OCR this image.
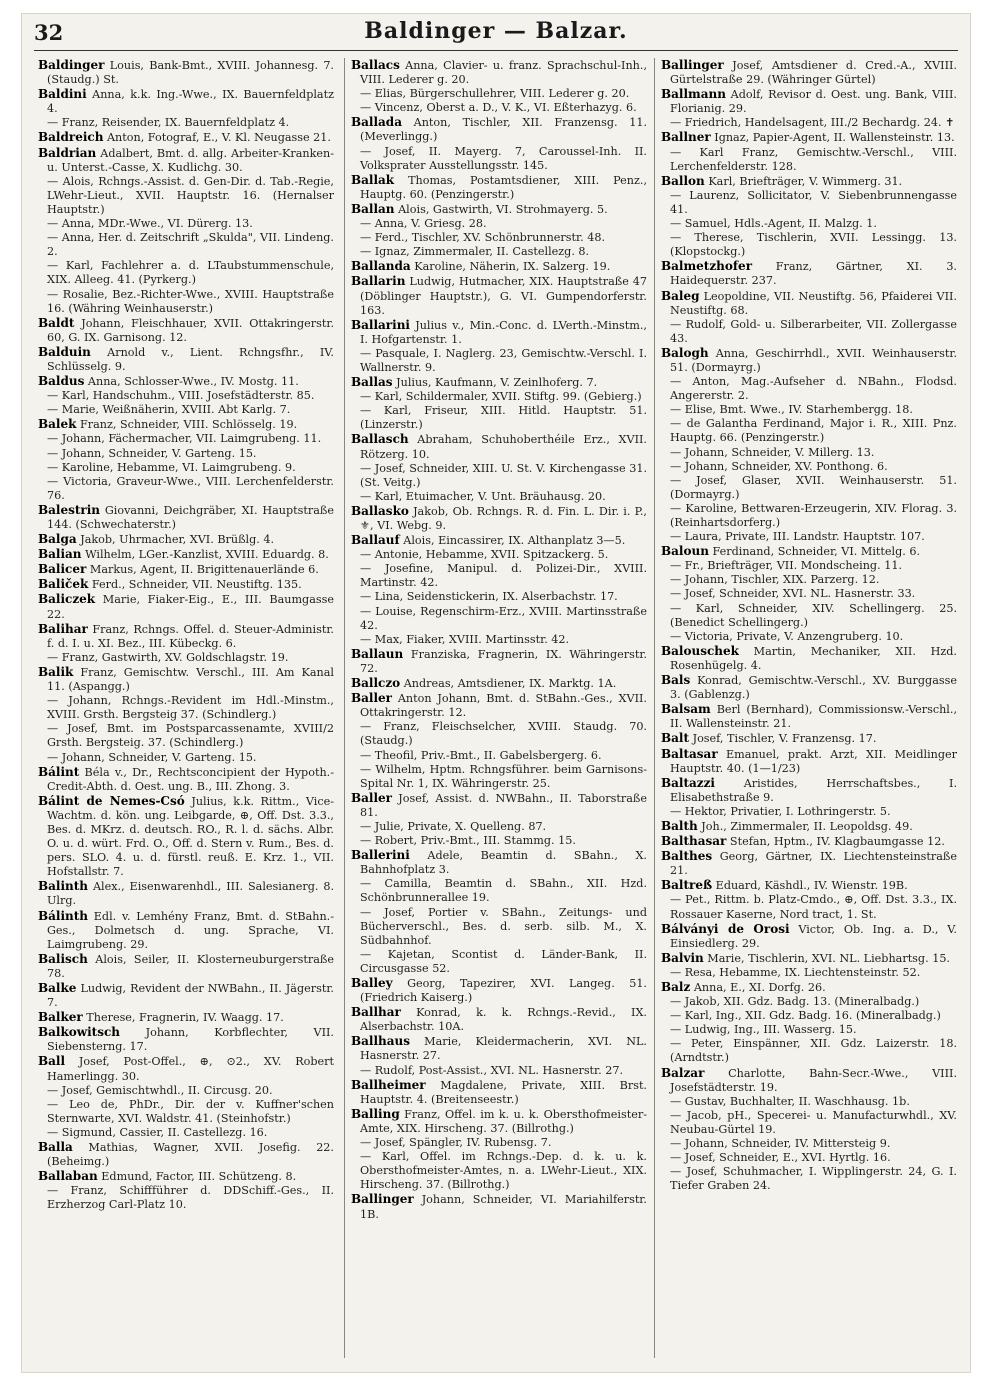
32	Baldinger — Balzar.

Baldinger Louis, Bank-Bmt., XVIII. Johannesg. 7. (Staudg.) St.

Baldini Anna, k.k. Ing.-Wwe., IX. Bauernfeldplatz 4.

— Franz, Reisender, IX. Bauernfeldplatz 4.

Baldreich Anton, Fotograf, E., V. Kl. Neugasse 21.

Baldrian Adalbert, Bmt. d. allg. Arbeiter-Kranken- u. Unterst.-Casse, X. Kudlichg. 30.

— Alois, Rchngs.-Assist. d. Gen-Dir. d. Tab.-Regie, LWehr-Lieut., XVII. Hauptstr. 16. (Hernalser Hauptstr.)

— Anna, MDr.-Wwe., VI. Dürerg. 13.

— Anna, Her. d. Zeitschrift „Skulda", VII. Lindeng. 2.

— Karl, Fachlehrer a. d. LTaubstummenschule, XIX. Alleeg. 41. (Pyrkerg.)

— Rosalie, Bez.-Richter-Wwe., XVIII. Hauptstraße 16. (Währing Weinhauserstr.)

Baldt Johann, Fleischhauer, XVII. Ottakringerstr. 60, G. IX. Garnisong. 12.

Balduin Arnold v., Lient. Rchngsfhr., IV. Schlüsselg. 9.

Baldus Anna, Schlosser-Wwe., IV. Mostg. 11.

— Karl, Handschuhm., VIII. Josefstädterstr. 85.

— Marie, Weißnäherin, XVIII. Abt Karlg. 7.

Balek Franz, Schneider, VIII. Schlösselg. 19.

— Johann, Fächermacher, VII. Laimgrubeng. 11.

— Johann, Schneider, V. Garteng. 15.

— Karoline, Hebamme, VI. Laimgrubeng. 9.

— Victoria, Graveur-Wwe., VIII. Lerchenfelderstr. 76.

Balestrin Giovanni, Deichgräber, XI. Hauptstraße 144. (Schwechaterstr.)

Balga Jakob, Uhrmacher, XVI. Brüßlg. 4.

Balian Wilhelm, LGer.-Kanzlist, XVIII. Eduardg. 8.

Balicer Markus, Agent, II. Brigittenauerlände 6.

Baliček Ferd., Schneider, VII. Neustiftg. 135.

Baliczek Marie, Fiaker-Eig., E., III. Baumgasse 22.

Balihar Franz, Rchngs. Offel. d. Steuer-Administr. f. d. I. u. XI. Bez., III. Kübeckg. 6.

— Franz, Gastwirth, XV. Goldschlagstr. 19.

Balik Franz, Gemischtw. Verschl., III. Am Kanal 11. (Aspangg.)

— Johann, Rchngs.-Revident im Hdl.-Minstm., XVIII. Grsth. Bergsteig 37. (Schindlerg.)

— Josef, Bmt. im Postsparcassenamte, XVIII/2 Grsth. Bergsteig. 37. (Schindlerg.)

— Johann, Schneider, V. Garteng. 15.

Bálint Béla v., Dr., Rechtsconcipient der Hypoth.-Credit-Abth. d. Oest. ung. B., III. Zhong. 3.

Bálint de Nemes-Csó Julius, k.k. Rittm., Vice-Wachtm. d. kön. ung. Leibgarde, ⊕, Off. Dst. 3.3., Bes. d. MKrz. d. deutsch. RO., R. l. d. sächs. Albr. O. u. d. würt. Frd. O., Off. d. Stern v. Rum., Bes. d. pers. SLO. 4. u. d. fürstl. reuß. E. Krz. 1., VII. Hofstallstr. 7.

Balinth Alex., Eisenwarenhdl., III. Salesianerg. 8. Ulrg.

Bálinth Edl. v. Lemhény Franz, Bmt. d. StBahn.-Ges., Dolmetsch d. ung. Sprache, VI. Laimgrubeng. 29.

Balisch Alois, Seiler, II. Klosterneuburgerstraße 78.

Balke Ludwig, Revident der NWBahn., II. Jägerstr. 7.

Balker Therese, Fragnerin, IV. Waagg. 17.

Balkowitsch Johann, Korbflechter, VII. Siebensterng. 17.

Ball Josef, Post-Offel., ⊕, ⊙2., XV. Robert Hamerlingg. 30.

— Josef, Gemischtwhdl., II. Circusg. 20.

— Leo de, PhDr., Dir. der v. Kuffner'schen Sternwarte, XVI. Waldstr. 41. (Steinhofstr.)

— Sigmund, Cassier, II. Castellezg. 16.

Balla Mathias, Wagner, XVII. Josefig. 22. (Beheimg.)

Ballaban Edmund, Factor, III. Schützeng. 8.

— Franz, Schiffführer d. DDSchiff.-Ges., II. Erzherzog Carl-Platz 10.

Ballacs Anna, Clavier- u. franz. Sprachschul-Inh., VIII. Lederer g. 20.

— Elias, Bürgerschullehrer, VIII. Lederer g. 20.

— Vincenz, Oberst a. D., V. K., VI. Eßterhazyg. 6.

Ballada Anton, Tischler, XII. Franzensg. 11. (Meverlingg.)

— Josef, II. Mayerg. 7, Caroussel-Inh. II. Volksprater Ausstellungsstr. 145.

Ballak Thomas, Postamtsdiener, XIII. Penz., Hauptg. 60. (Penzingerstr.)

Ballan Alois, Gastwirth, VI. Strohmayerg. 5.

— Anna, V. Griesg. 28.

— Ferd., Tischler, XV. Schönbrunnerstr. 48.

— Ignaz, Zimmermaler, II. Castellezg. 8.

Ballanda Karoline, Näherin, IX. Salzerg. 19.

Ballarin Ludwig, Hutmacher, XIX. Hauptstraße 47 (Döblinger Hauptstr.), G. VI. Gumpendorferstr. 163.

Ballarini Julius v., Min.-Conc. d. LVerth.-Minstm., I. Hofgartenstr. 1.

— Pasquale, I. Naglerg. 23, Gemischtw.-Verschl. I. Wallnerstr. 9.

Ballas Julius, Kaufmann, V. Zeinlhoferg. 7.

— Karl, Schildermaler, XVII. Stiftg. 99. (Gebierg.)

— Karl, Friseur, XIII. Hitld. Hauptstr. 51. (Linzerstr.)

Ballasch Abraham, Schuhoberthéile Erz., XVII. Rötzerg. 10.

— Josef, Schneider, XIII. U. St. V. Kirchengasse 31. (St. Veitg.)

— Karl, Etuimacher, V. Unt. Bräuhausg. 20.

Ballasko Jakob, Ob. Rchngs. R. d. Fin. L. Dir. i. P., ⚜, VI. Webg. 9.

Ballauf Alois, Eincassirer, IX. Althanplatz 3—5.

— Antonie, Hebamme, XVII. Spitzackerg. 5.

— Josefine, Manipul. d. Polizei-Dir., XVIII. Martinstr. 42.

— Lina, Seidenstickerin, IX. Alserbachstr. 17.

— Louise, Regenschirm-Erz., XVIII. Martinsstraße 42.

— Max, Fiaker, XVIII. Martinsstr. 42.

Ballaun Franziska, Fragnerin, IX. Währingerstr. 72.

Ballczo Andreas, Amtsdiener, IX. Marktg. 1A.

Baller Anton Johann, Bmt. d. StBahn.-Ges., XVII. Ottakringerstr. 12.

— Franz, Fleischselcher, XVIII. Staudg. 70. (Staudg.)

— Theofil, Priv.-Bmt., II. Gabelsbergerg. 6.

— Wilhelm, Hptm. Rchngsführer. beim Garnisons-Spital Nr. 1, IX. Währingerstr. 25.

Baller Josef, Assist. d. NWBahn., II. Taborstraße 81.

— Julie, Private, X. Quelleng. 87.

— Robert, Priv.-Bmt., III. Stammg. 15.

Ballerini Adele, Beamtin d. SBahn., X. Bahnhofplatz 3.

— Camilla, Beamtin d. SBahn., XII. Hzd. Schönbrunnerallee 19.

— Josef, Portier v. SBahn., Zeitungs- und Bücherverschl., Bes. d. serb. silb. M., X. Südbahnhof.

— Kajetan, Scontist d. Länder-Bank, II. Circusgasse 52.

Balley Georg, Tapezirer, XVI. Langeg. 51. (Friedrich Kaiserg.)

Ballhar Konrad, k. k. Rchngs.-Revid., IX. Alserbachstr. 10A.

Ballhaus Marie, Kleidermacherin, XVI. NL. Hasnerstr. 27.

— Rudolf, Post-Assist., XVI. NL. Hasnerstr. 27.

Ballheimer Magdalene, Private, XIII. Brst. Hauptstr. 4. (Breitenseestr.)

Balling Franz, Offel. im k. u. k. Obersthofmeister-Amte, XIX. Hirscheng. 37. (Billrothg.)

— Josef, Spängler, IV. Rubensg. 7.

— Karl, Offel. im Rchngs.-Dep. d. k. u. k. Obersthofmeister-Amtes, n. a. LWehr-Lieut., XIX. Hirscheng. 37. (Billrothg.)

Ballinger Johann, Schneider, VI. Mariahilferstr. 1B.

Ballinger Josef, Amtsdiener d. Cred.-A., XVIII. Gürtelstraße 29. (Währinger Gürtel)

Ballmann Adolf, Revisor d. Oest. ung. Bank, VIII. Florianig. 29.

— Friedrich, Handelsagent, III./2 Bechardg. 24. ✝

Ballner Ignaz, Papier-Agent, II. Wallensteinstr. 13.

— Karl Franz, Gemischtw.-Verschl., VIII. Lerchenfelderstr. 128.

Ballon Karl, Briefträger, V. Wimmerg. 31.

— Laurenz, Sollicitator, V. Siebenbrunnengasse 41.

— Samuel, Hdls.-Agent, II. Malzg. 1.

— Therese, Tischlerin, XVII. Lessingg. 13. (Klopstockg.)

Balmetzhofer Franz, Gärtner, XI. 3. Haidequerstr. 237.

Baleg Leopoldine, VII. Neustiftg. 56, Pfaiderei VII. Neustiftg. 68.

— Rudolf, Gold- u. Silberarbeiter, VII. Zollergasse 43.

Balogh Anna, Geschirrhdl., XVII. Weinhauserstr. 51. (Dormayrg.)

— Anton, Mag.-Aufseher d. NBahn., Flodsd. Angererstr. 2.

— Elise, Bmt. Wwe., IV. Starhembergg. 18.

— de Galantha Ferdinand, Major i. R., XIII. Pnz. Hauptg. 66. (Penzingerstr.)

— Johann, Schneider, V. Millerg. 13.

— Johann, Schneider, XV. Ponthong. 6.

— Josef, Glaser, XVII. Weinhauserstr. 51. (Dormayrg.)

— Karoline, Bettwaren-Erzeugerin, XIV. Florag. 3. (Reinhartsdorferg.)

— Laura, Private, III. Landstr. Hauptstr. 107.

Baloun Ferdinand, Schneider, VI. Mittelg. 6.

— Fr., Briefträger, VII. Mondscheing. 11.

— Johann, Tischler, XIX. Parzerg. 12.

— Josef, Schneider, XVI. NL. Hasnerstr. 33.

— Karl, Schneider, XIV. Schellingerg. 25. (Benedict Schellingerg.)

— Victoria, Private, V. Anzengruberg. 10.

Balouschek Martin, Mechaniker, XII. Hzd. Rosenhügelg. 4.

Bals Konrad, Gemischtw.-Verschl., XV. Burggasse 3. (Gablenzg.)

Balsam Berl (Bernhard), Commissionsw.-Verschl., II. Wallensteinstr. 21.

Balt Josef, Tischler, V. Franzensg. 17.

Baltasar Emanuel, prakt. Arzt, XII. Meidlinger Hauptstr. 40. (1—1/23)

Baltazzi Aristides, Herrschaftsbes., I. Elisabethstraße 9.

— Hektor, Privatier, I. Lothringerstr. 5.

Balth Joh., Zimmermaler, II. Leopoldsg. 49.

Balthasar Stefan, Hptm., IV. Klagbaumgasse 12.

Balthes Georg, Gärtner, IX. Liechtensteinstraße 21.

Baltreß Eduard, Käshdl., IV. Wienstr. 19B.

— Pet., Rittm. b. Platz-Cmdo., ⊕, Off. Dst. 3.3., IX. Rossauer Kaserne, Nord tract, 1. St.

Bálványi de Orosi Victor, Ob. Ing. a. D., V. Einsiedlerg. 29.

Balvin Marie, Tischlerin, XVI. NL. Liebhartsg. 15.

— Resa, Hebamme, IX. Liechtensteinstr. 52.

Balz Anna, E., XI. Dorfg. 26.

— Jakob, XII. Gdz. Badg. 13. (Mineralbadg.)

— Karl, Ing., XII. Gdz. Badg. 16. (Mineralbadg.)

— Ludwig, Ing., III. Wasserg. 15.

— Peter, Einspänner, XII. Gdz. Laizerstr. 18. (Arndtstr.)

Balzar Charlotte, Bahn-Secr.-Wwe., VIII. Josefstädterstr. 19.

— Gustav, Buchhalter, II. Waschhausg. 1b.

— Jacob, pH., Specerei- u. Manufacturwhdl., XV. Neubau-Gürtel 19.

— Johann, Schneider, IV. Mittersteig 9.

— Josef, Schneider, E., XVI. Hyrtlg. 16.

— Josef, Schuhmacher, I. Wipplingerstr. 24, G. I. Tiefer Graben 24.
